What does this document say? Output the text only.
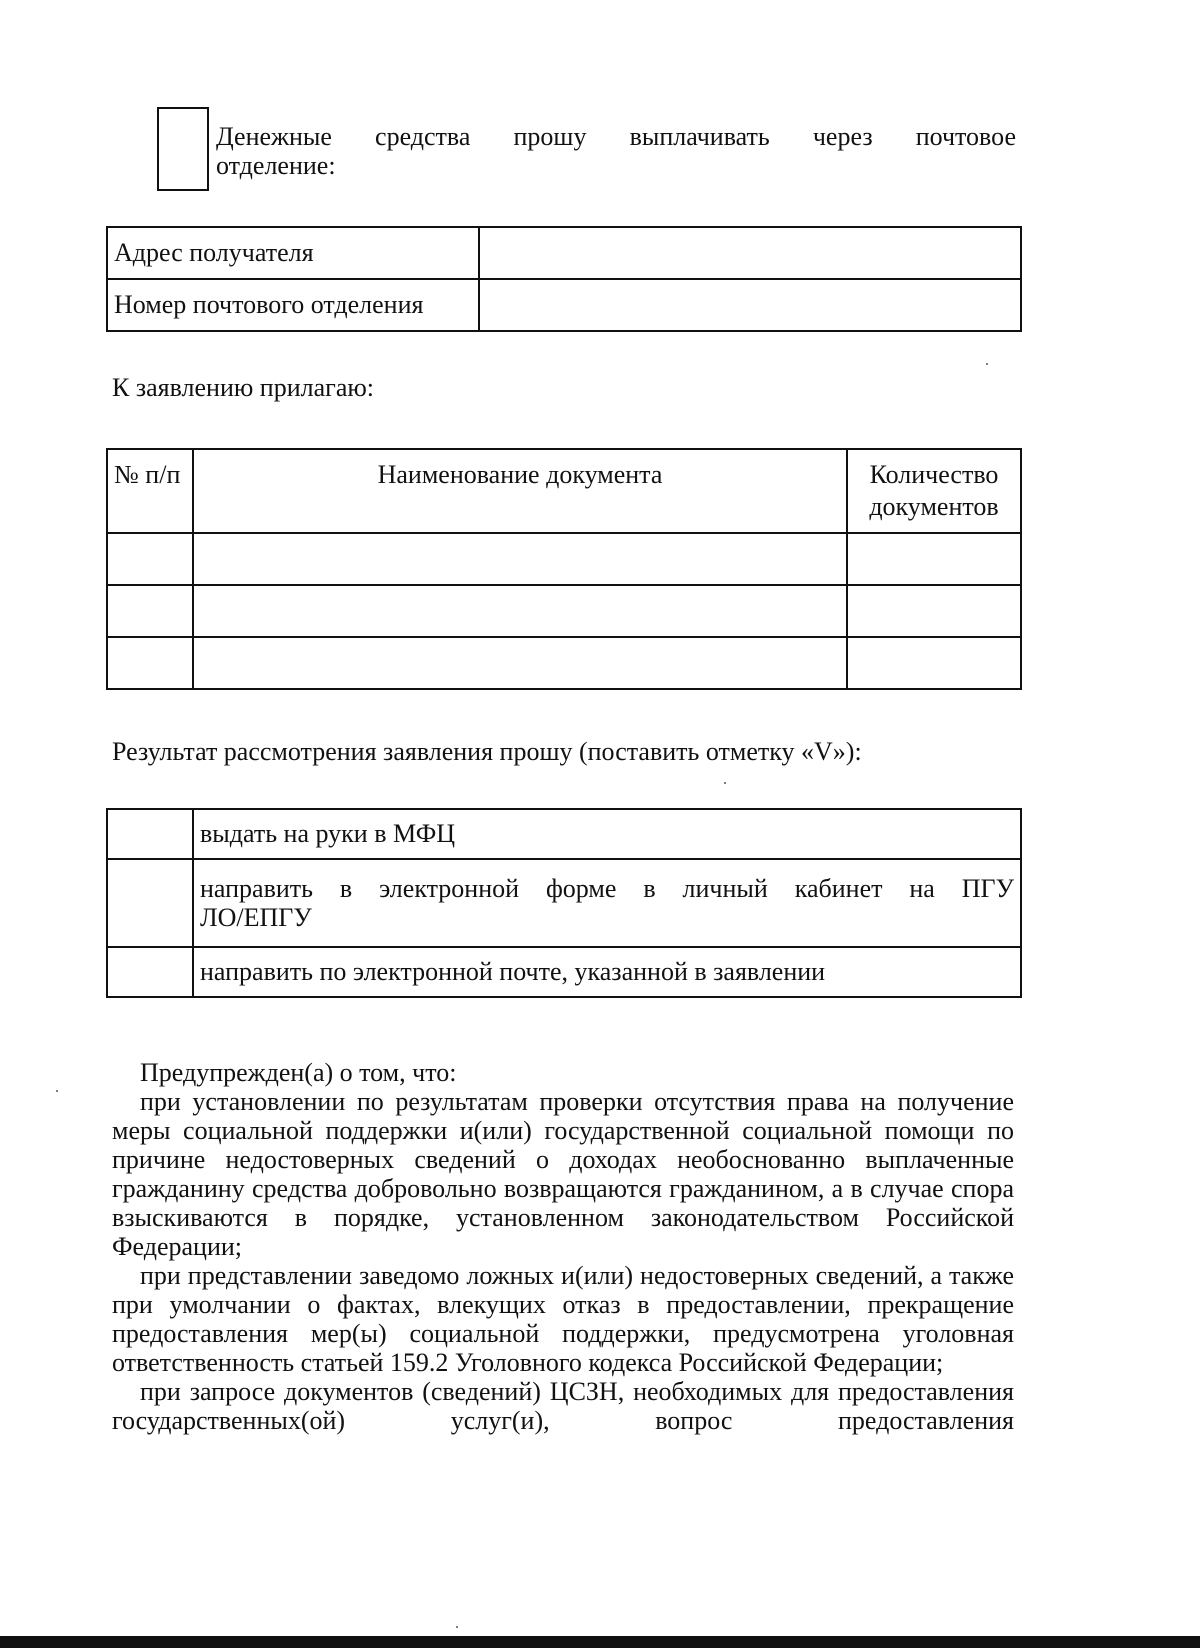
Денежные средства прошу выплачивать через почтовое
отделение:
Адрес получателя	
Номер почтового отделения	
К заявлению прилагаю:
№ п/п	Наименование документа	Количество
документов

Результат рассмотрения заявления прошу (поставить отметку «V»):
	выдать на руки в МФЦ

	направить в электронной форме в личный кабинет на ПГУ
ЛО/ЕПГУ

	направить по электронной почте, указанной в заявлении

Предупрежден(а) о том, что:

при установлении по результатам проверки отсутствия права на получение меры социальной поддержки и(или) государственной социальной помощи по причине недостоверных сведений о доходах необоснованно выплаченные гражданину средства добровольно возвращаются гражданином, а в случае спора взыскиваются в порядке, установленном законодательством Российской Федерации;

при представлении заведомо ложных и(или) недостоверных сведений, а также при умолчании о фактах, влекущих отказ в предоставлении, прекращение предоставления мер(ы) социальной поддержки, предусмотрена уголовная ответственность статьей 159.2 Уголовного кодекса Российской Федерации;

при запросе документов (сведений) ЦСЗН, необходимых для предоставления государственных(ой) услуг(и), вопрос предоставления
